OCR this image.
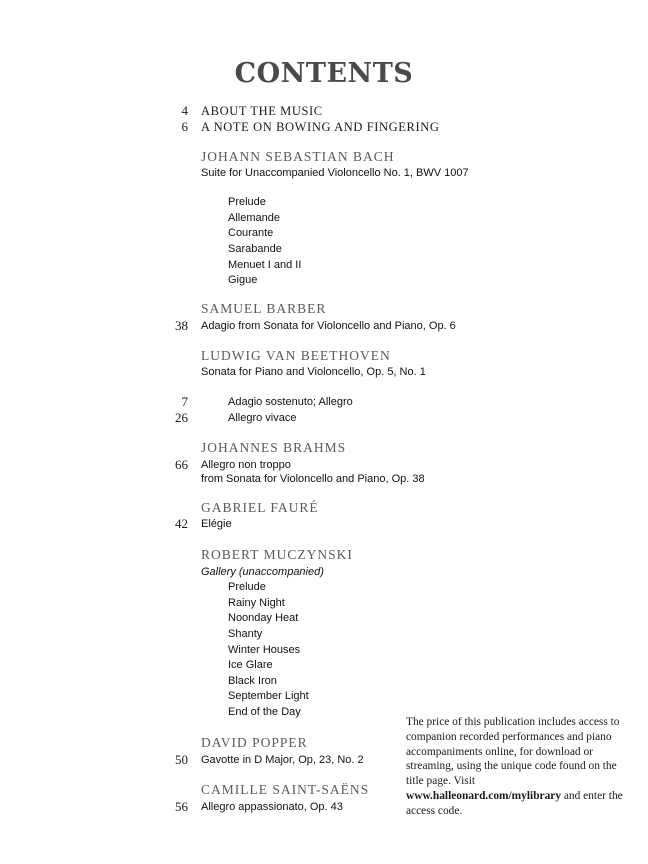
CONTENTS
4 ABOUT THE MUSIC
6 A NOTE ON BOWING AND FINGERING
JOHANN SEBASTIAN BACH
Suite for Unaccompanied Violoncello No. 1, BWV 1007
Prelude
Allemande
Courante
Sarabande
Menuet I and II
Gigue
SAMUEL BARBER
38 Adagio from Sonata for Violoncello and Piano, Op. 6
LUDWIG VAN BEETHOVEN
Sonata for Piano and Violoncello, Op. 5, No. 1
7	Adagio sostenuto; Allegro
26	Allegro vivace
JOHANNES BRAHMS
66 Allegro non troppo
from Sonata for Violoncello and Piano, Op. 38
GABRIEL FAURÉ
42 Elégie
ROBERT MUCZYNSKI
Gallery (unaccompanied)
Prelude
Rainy Night
Noonday Heat
Shanty
Winter Houses
Ice Glare
Black Iron
September Light
End of the Day
DAVID POPPER
50 Gavotte in D Major, Op, 23, No. 2
CAMILLE SAINT-SAËNS
56 Allegro appassionato, Op. 43
The price of this publication includes access to companion recorded performances and piano accompaniments online, for download or streaming, using the unique code found on the title page. Visit www.halleonard.com/mylibrary and enter the access code.
